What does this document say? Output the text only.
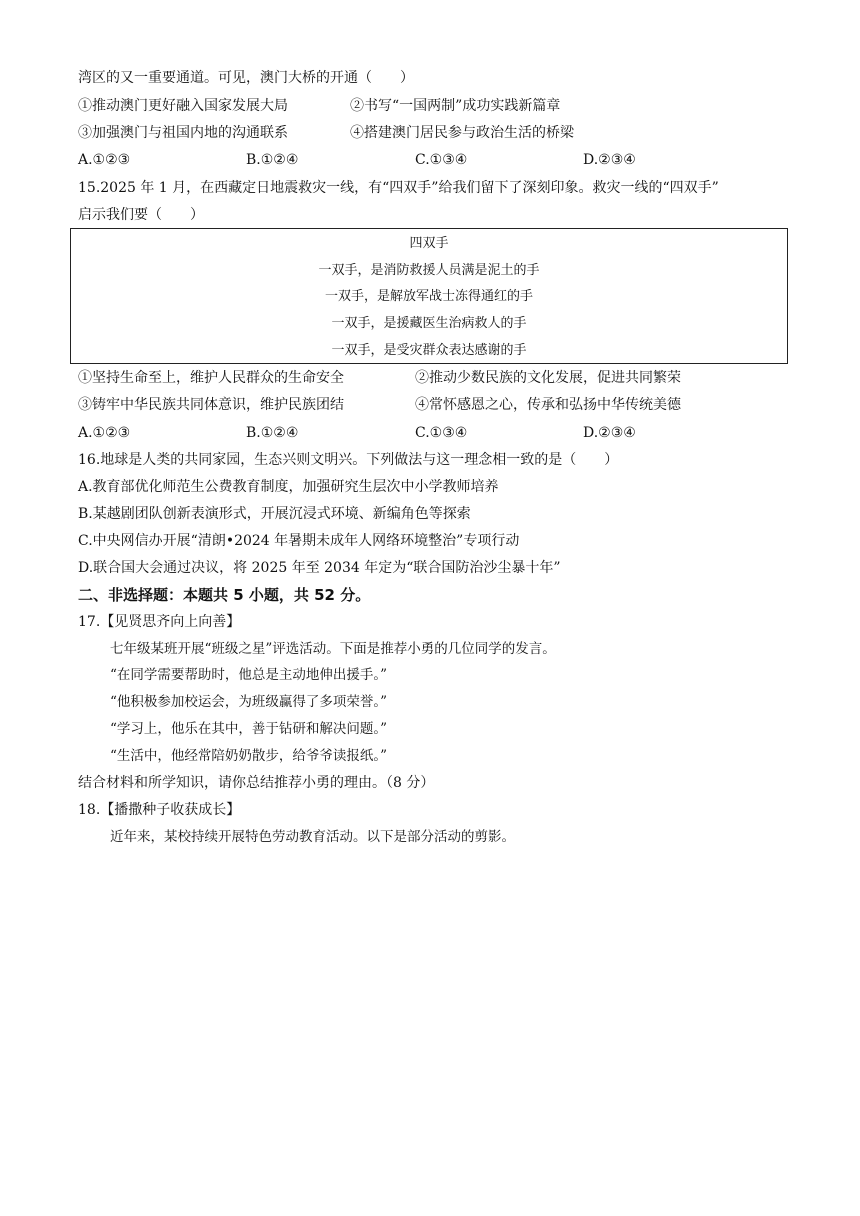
湾区的又一重要通道。可见，澳门大桥的开通（　　）
①推动澳门更好融入国家发展大局	②书写“一国两制”成功实践新篇章
③加强澳门与祖国内地的沟通联系	④搭建澳门居民参与政治生活的桥梁
A.①②③	B.①②④	C.①③④	D.②③④
15.2025 年 1 月，在西藏定日地震救灾一线，有“四双手”给我们留下了深刻印象。救灾一线的“四双手”
启示我们要（　　）
四双手
一双手，是消防救援人员满是泥土的手
一双手，是解放军战士冻得通红的手
一双手，是援藏医生治病救人的手
一双手，是受灾群众表达感谢的手
①坚持生命至上，维护人民群众的生命安全	②推动少数民族的文化发展，促进共同繁荣
③铸牢中华民族共同体意识，维护民族团结	④常怀感恩之心，传承和弘扬中华传统美德
A.①②③	B.①②④	C.①③④	D.②③④
16.地球是人类的共同家园，生态兴则文明兴。下列做法与这一理念相一致的是（　　）
A.教育部优化师范生公费教育制度，加强研究生层次中小学教师培养
B.某越剧团队创新表演形式，开展沉浸式环境、新编角色等探索
C.中央网信办开展“清朗•2024 年暑期未成年人网络环境整治”专项行动
D.联合国大会通过决议，将 2025 年至 2034 年定为“联合国防治沙尘暴十年”
二、非选择题：本题共 5 小题，共 52 分。
17.【见贤思齐向上向善】
七年级某班开展“班级之星”评选活动。下面是推荐小勇的几位同学的发言。
“在同学需要帮助时，他总是主动地伸出援手。”
“他积极参加校运会，为班级赢得了多项荣誉。”
“学习上，他乐在其中，善于钻研和解决问题。”
“生活中，他经常陪奶奶散步，给爷爷读报纸。”
结合材料和所学知识，请你总结推荐小勇的理由。（8 分）
18.【播撒种子收获成长】
近年来，某校持续开展特色劳动教育活动。以下是部分活动的剪影。
